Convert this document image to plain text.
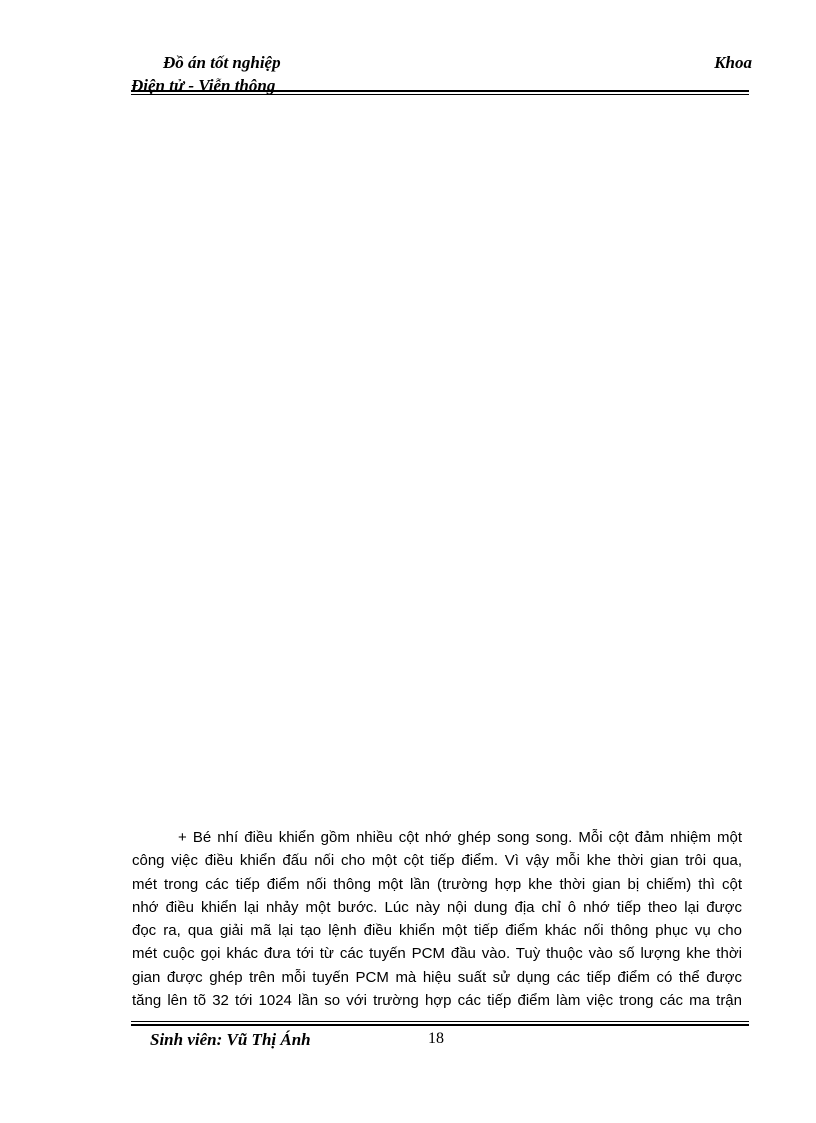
Đồ án tốt nghiệp	Khoa
Điện tử - Viễn thông
+ Bé nhí điều khiển gồm nhiều cột nhớ ghép song song. Mỗi cột đảm nhiệm một
công việc điều khiển đấu nối cho một cột tiếp điểm. Vì vậy mỗi khe thời gian trôi qua,
mét trong các tiếp điểm nối thông một lần (trường hợp khe thời gian bị chiếm) thì cột
nhớ điều khiển lại nhảy một bước. Lúc này nội dung địa chỉ ô nhớ tiếp theo lại được
đọc ra, qua giải mã lại tạo lệnh điều khiển một tiếp điểm khác nối thông phục vụ cho
mét cuộc gọi khác đưa tới từ các tuyến PCM đầu vào. Tuỳ thuộc vào số lượng khe thời
gian được ghép trên mỗi tuyến PCM mà hiệu suất sử dụng các tiếp điểm có thể được
tăng lên tõ 32 tới 1024 lần so với trường hợp các tiếp điểm làm việc trong các ma trận
Sinh viên: Vũ Thị Ánh	18
